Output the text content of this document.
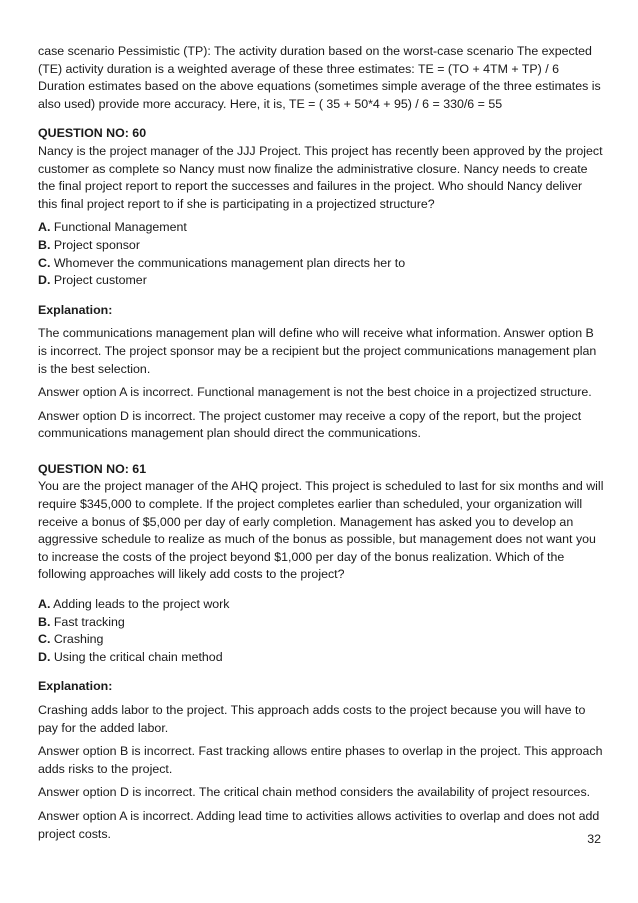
case scenario Pessimistic (TP): The activity duration based on the worst-case scenario The expected (TE) activity duration is a weighted average of these three estimates: TE = (TO + 4TM + TP) / 6 Duration estimates based on the above equations (sometimes simple average of the three estimates is also used) provide more accuracy. Here, it is, TE = ( 35 + 50*4 + 95) / 6 = 330/6 = 55

QUESTION NO: 60

Nancy is the project manager of the JJJ Project. This project has recently been approved by the project customer as complete so Nancy must now finalize the administrative closure. Nancy needs to create the final project report to report the successes and failures in the project. Who should Nancy deliver this final project report to if she is participating in a projectized structure?

A. Functional Management

B. Project sponsor

C. Whomever the communications management plan directs her to

D. Project customer

Explanation:

The communications management plan will define who will receive what information. Answer option B is incorrect. The project sponsor may be a recipient but the project communications management plan is the best selection.

Answer option A is incorrect. Functional management is not the best choice in a projectized structure.

Answer option D is incorrect. The project customer may receive a copy of the report, but the project communications management plan should direct the communications.

QUESTION NO: 61

You are the project manager of the AHQ project. This project is scheduled to last for six months and will require $345,000 to complete. If the project completes earlier than scheduled, your organization will receive a bonus of $5,000 per day of early completion. Management has asked you to develop an aggressive schedule to realize as much of the bonus as possible, but management does not want you to increase the costs of the project beyond $1,000 per day of the bonus realization. Which of the following approaches will likely add costs to the project?

A. Adding leads to the project work

B. Fast tracking

C. Crashing

D. Using the critical chain method

Explanation:

Crashing adds labor to the project. This approach adds costs to the project because you will have to pay for the added labor.

Answer option B is incorrect. Fast tracking allows entire phases to overlap in the project. This approach adds risks to the project.

Answer option D is incorrect. The critical chain method considers the availability of project resources.

Answer option A is incorrect. Adding lead time to activities allows activities to overlap and does not add project costs.	32
